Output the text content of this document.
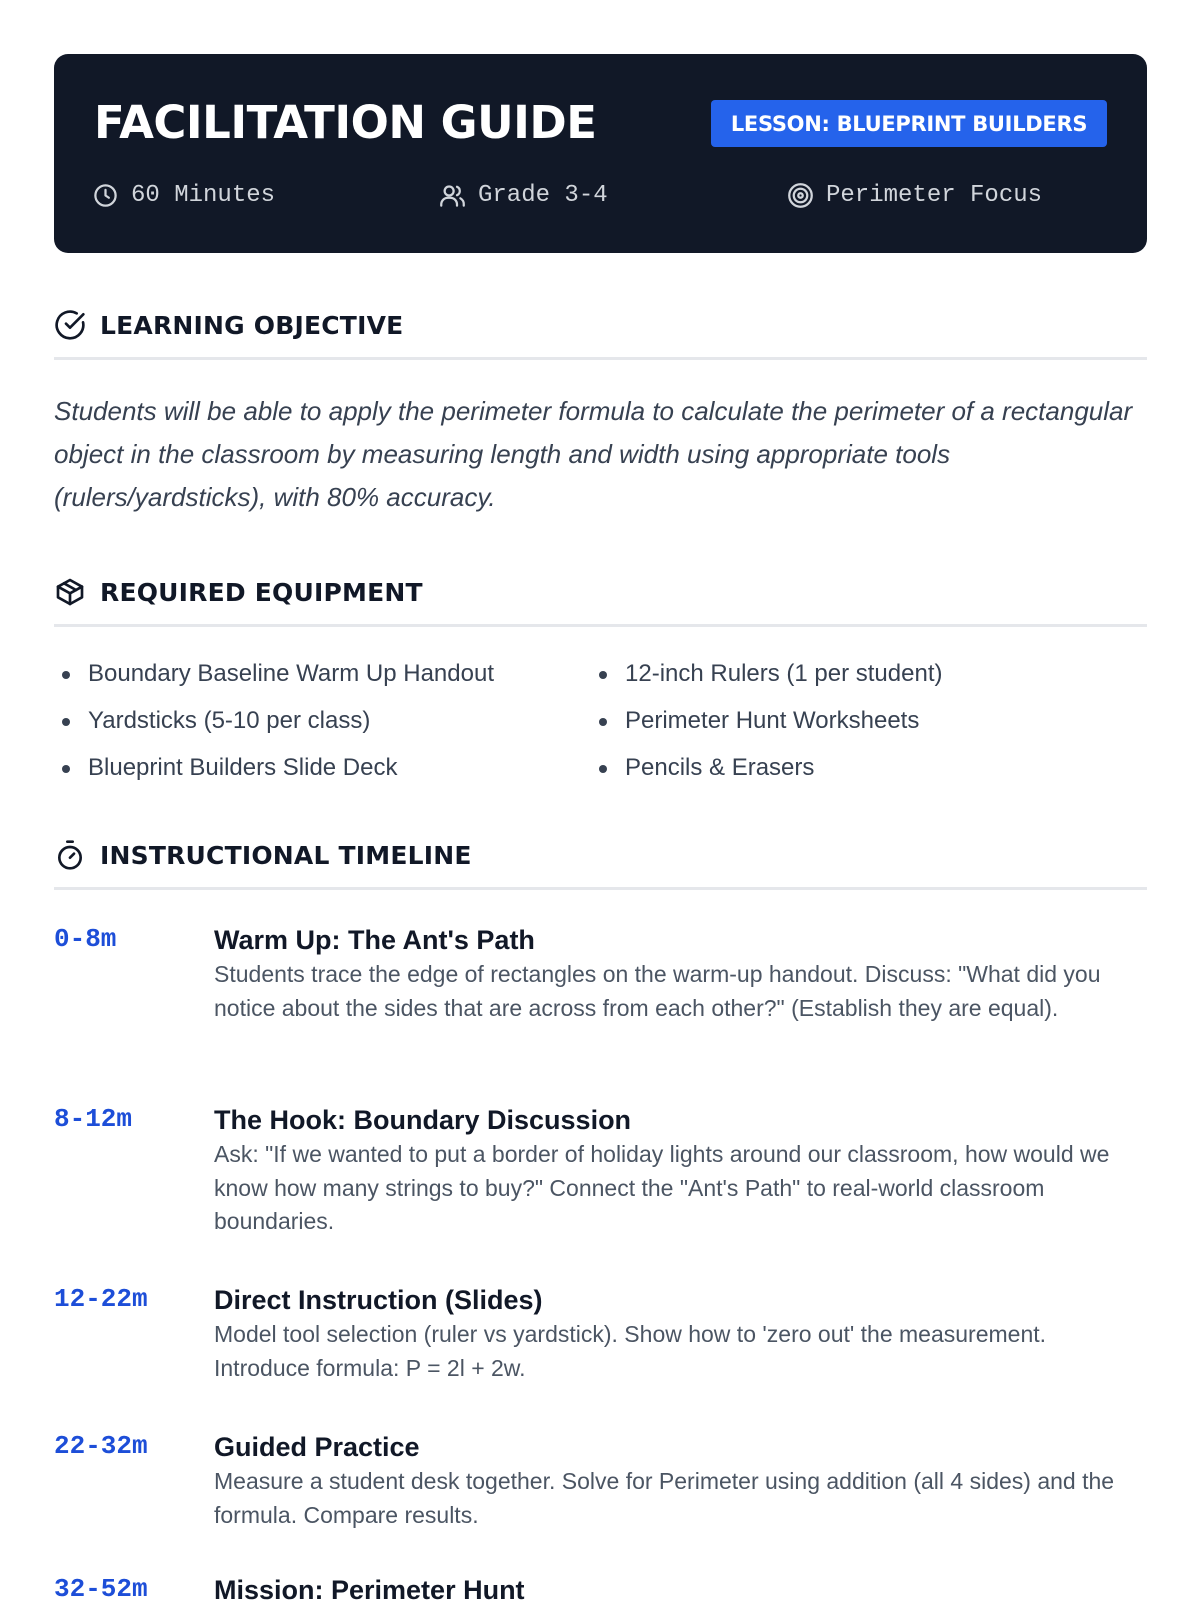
FACILITATION GUIDE	LESSON: BLUEPRINT BUILDERS
60 Minutes	Grade 3-4	Perimeter Focus
LEARNING OBJECTIVE

Students will be able to apply the perimeter formula to calculate the perimeter of a rectangular object in the classroom by measuring length and width using appropriate tools (rulers/yardsticks), with 80% accuracy.

REQUIRED EQUIPMENT
Boundary Baseline Warm Up Handout
Yardsticks (5-10 per class)
Blueprint Builders Slide Deck
12-inch Rulers (1 per student)
Perimeter Hunt Worksheets
Pencils & Erasers
INSTRUCTIONAL TIMELINE
0-8m	Warm Up: The Ant's Path
Students trace the edge of rectangles on the warm-up handout. Discuss: "What did you notice about the sides that are across from each other?" (Establish they are equal).
8-12m	The Hook: Boundary Discussion
Ask: "If we wanted to put a border of holiday lights around our classroom, how would we know how many strings to buy?" Connect the "Ant's Path" to real-world classroom boundaries.
12-22m Direct Instruction (Slides)
Model tool selection (ruler vs yardstick). Show how to 'zero out' the measurement. Introduce formula: P = 2l + 2w.
22-32m Guided Practice
Measure a student desk together. Solve for Perimeter using addition (all 4 sides) and the formula. Compare results.
32-52m Mission: Perimeter Hunt
